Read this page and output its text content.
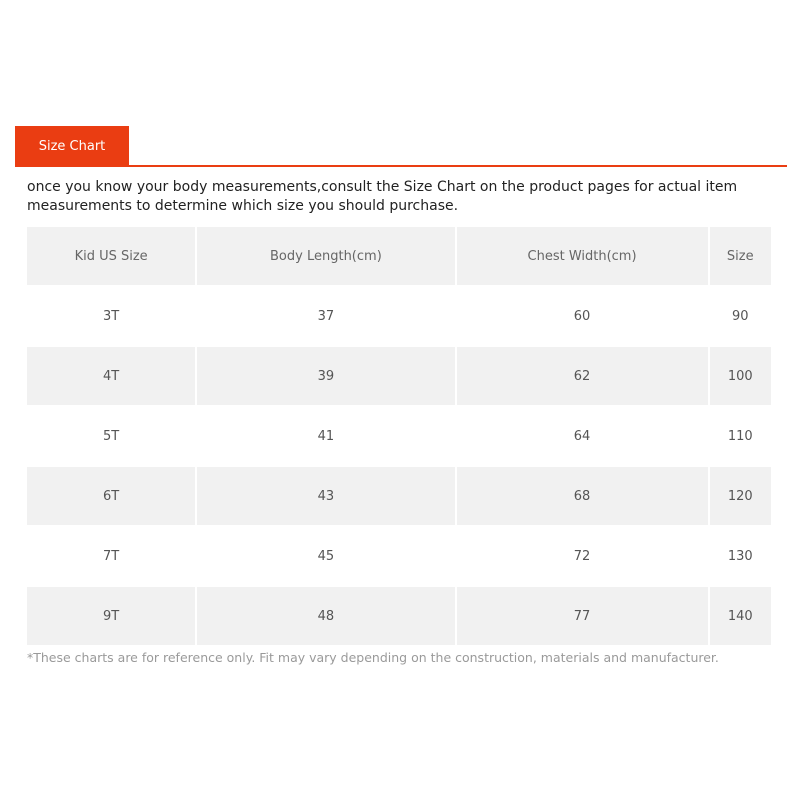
Size Chart
once you know your body measurements,consult the Size Chart on the product pages for actual item measurements to determine which size you should purchase.
Kid US Size	Body Length(cm)	Chest Width(cm)	Size
3T	37	60	90
4T	39	62	100
5T	41	64	110
6T	43	68	120
7T	45	72	130
9T	48	77	140
*These charts are for reference only. Fit may vary depending on the construction, materials and manufacturer.
